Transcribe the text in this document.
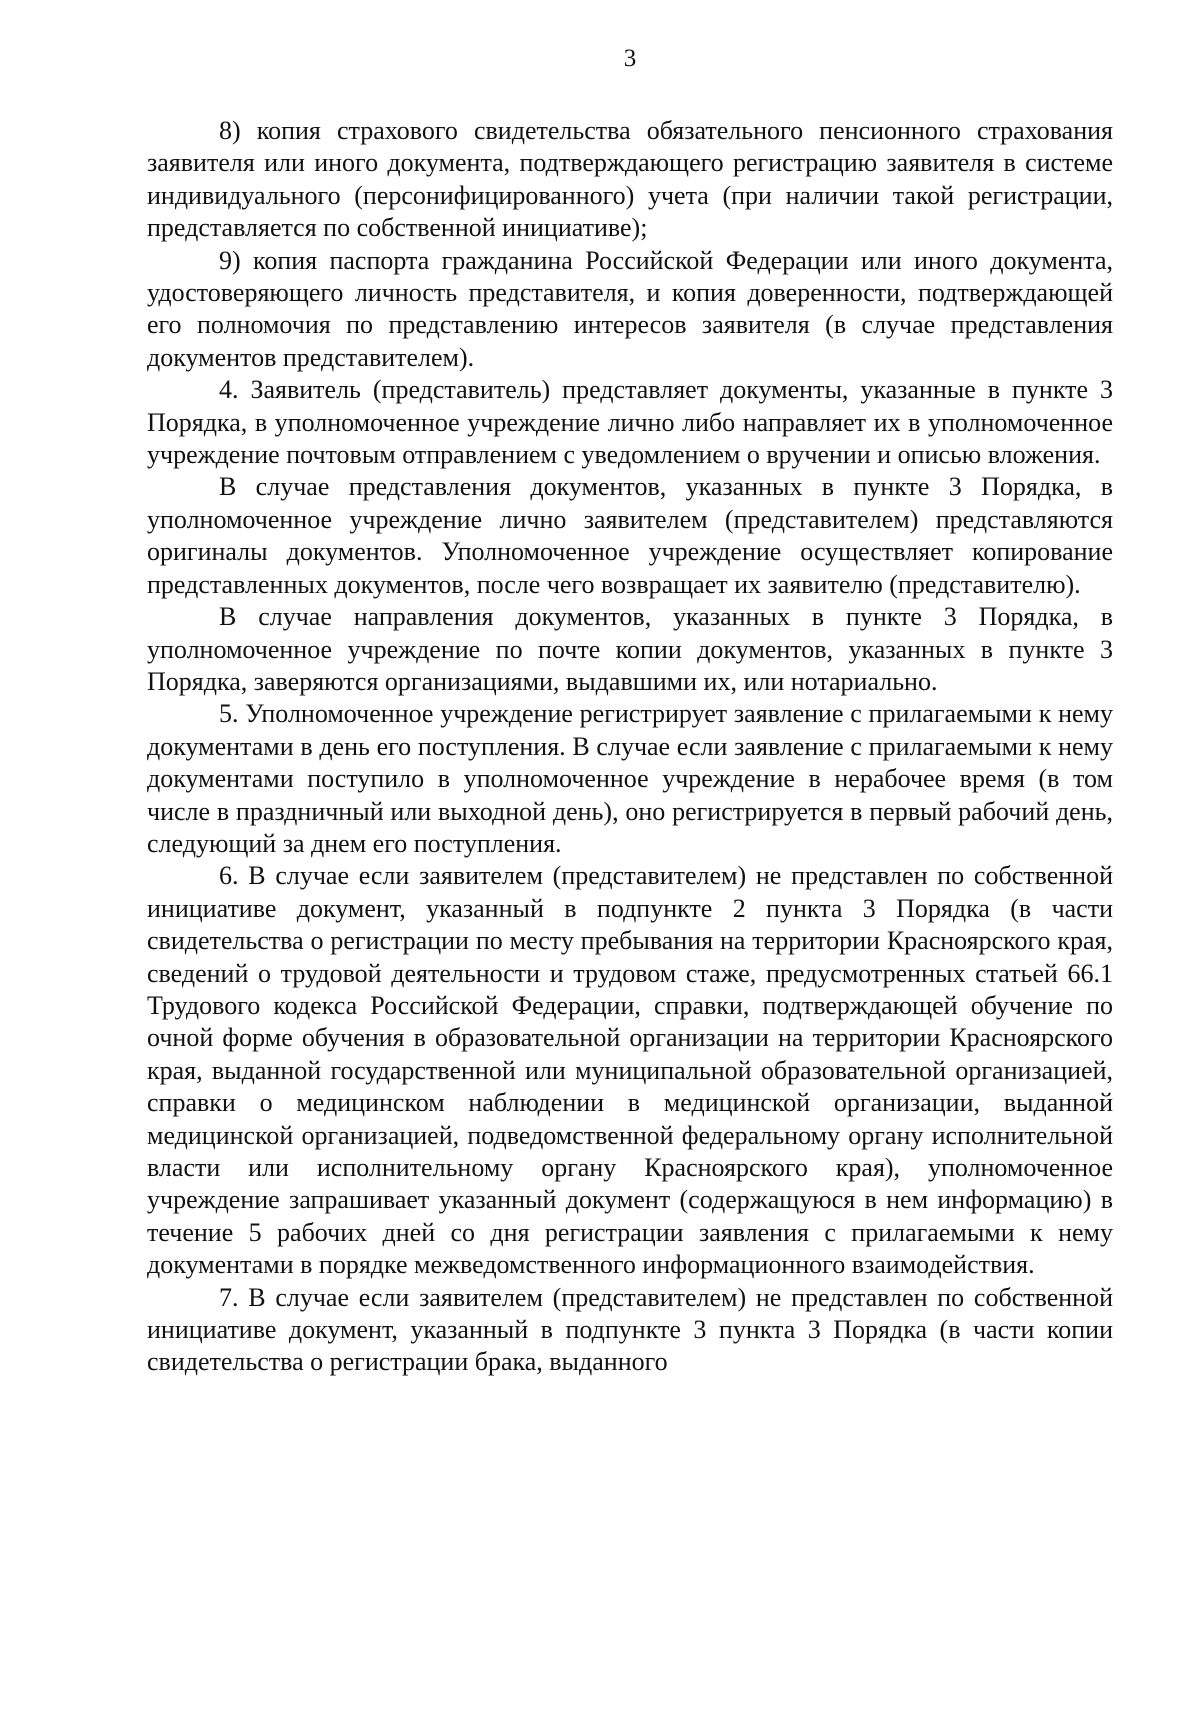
3

8) копия страхового свидетельства обязательного пенсионного страхования заявителя или иного документа, подтверждающего регистрацию заявителя в системе индивидуального (персонифицированного) учета (при наличии такой регистрации, представляется по собственной инициативе);

9) копия паспорта гражданина Российской Федерации или иного документа, удостоверяющего личность представителя, и копия доверенности, подтверждающей его полномочия по представлению интересов заявителя (в случае представления документов представителем).

4. Заявитель (представитель) представляет документы, указанные в пункте 3 Порядка, в уполномоченное учреждение лично либо направляет их в уполномоченное учреждение почтовым отправлением с уведомлением о вручении и описью вложения.

В случае представления документов, указанных в пункте 3 Порядка, в уполномоченное учреждение лично заявителем (представителем) представляются оригиналы документов. Уполномоченное учреждение осуществляет копирование представленных документов, после чего возвращает их заявителю (представителю).

В случае направления документов, указанных в пункте 3 Порядка, в уполномоченное учреждение по почте копии документов, указанных в пункте 3 Порядка, заверяются организациями, выдавшими их, или нотариально.

5. Уполномоченное учреждение регистрирует заявление с прилагаемыми к нему документами в день его поступления. В случае если заявление с прилагаемыми к нему документами поступило в уполномоченное учреждение в нерабочее время (в том числе в праздничный или выходной день), оно регистрируется в первый рабочий день, следующий за днем его поступления.

6. В случае если заявителем (представителем) не представлен по собственной инициативе документ, указанный в подпункте 2 пункта 3 Порядка (в части свидетельства о регистрации по месту пребывания на территории Красноярского края, сведений о трудовой деятельности и трудовом стаже, предусмотренных статьей 66.1 Трудового кодекса Российской Федерации, справки, подтверждающей обучение по очной форме обучения в образовательной организации на территории Красноярского края, выданной государственной или муниципальной образовательной организацией, справки о медицинском наблюдении в медицинской организации, выданной медицинской организацией, подведомственной федеральному органу исполнительной власти или исполнительному органу Красноярского края), уполномоченное учреждение запрашивает указанный документ (содержащуюся в нем информацию) в течение 5 рабочих дней со дня регистрации заявления с прилагаемыми к нему документами в порядке межведомственного информационного взаимодействия.

7. В случае если заявителем (представителем) не представлен по собственной инициативе документ, указанный в подпункте 3 пункта 3 Порядка (в части копии свидетельства о регистрации брака, выданного
